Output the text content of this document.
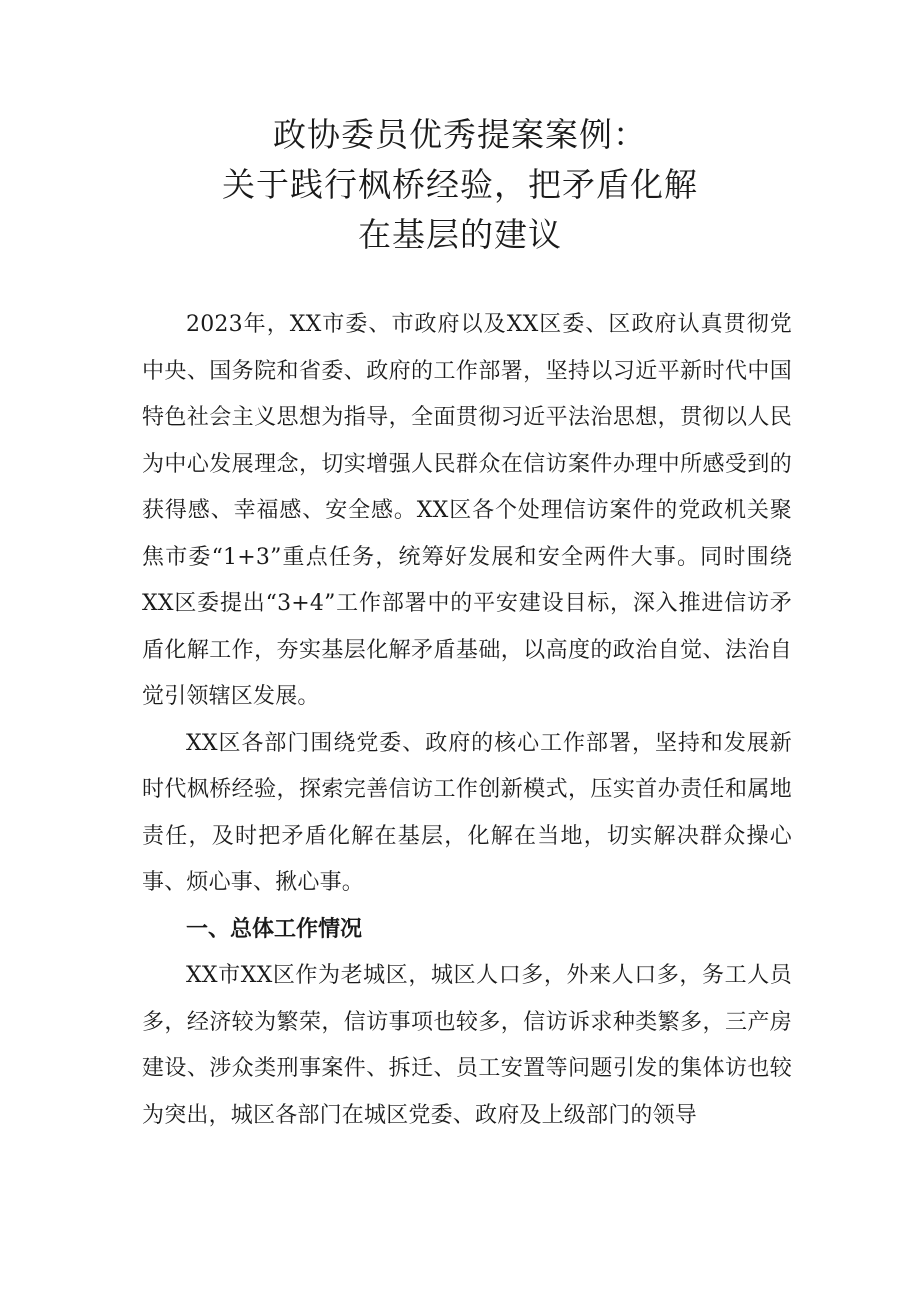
政协委员优秀提案案例：
关于践行枫桥经验，把矛盾化解
在基层的建议

2023年，XX市委、市政府以及XX区委、区政府认真贯彻党中央、国务院和省委、政府的工作部署，坚持以习近平新时代中国特色社会主义思想为指导，全面贯彻习近平法治思想，贯彻以人民为中心发展理念，切实增强人民群众在信访案件办理中所感受到的获得感、幸福感、安全感。XX区各个处理信访案件的党政机关聚焦市委“1+3”重点任务，统筹好发展和安全两件大事。同时围绕XX区委提出“3+4”工作部署中的平安建设目标，深入推进信访矛盾化解工作，夯实基层化解矛盾基础，以高度的政治自觉、法治自觉引领辖区发展。

XX区各部门围绕党委、政府的核心工作部署，坚持和发展新时代枫桥经验，探索完善信访工作创新模式，压实首办责任和属地责任，及时把矛盾化解在基层，化解在当地，切实解决群众操心事、烦心事、揪心事。

一、总体工作情况

XX市XX区作为老城区，城区人口多，外来人口多，务工人员多，经济较为繁荣，信访事项也较多，信访诉求种类繁多，三产房建设、涉众类刑事案件、拆迁、员工安置等问题引发的集体访也较为突出，城区各部门在城区党委、政府及上级部门的领导
